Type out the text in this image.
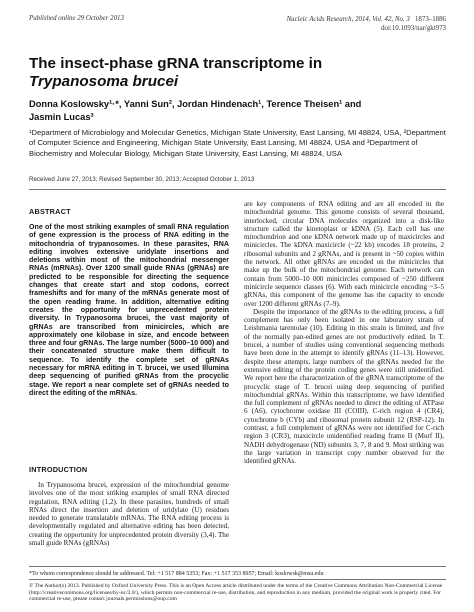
Published online 29 October 2013	Nucleic Acids Research, 2014, Vol. 42, No. 3 1873–1886
doi:10.1093/nar/gkt973
The insect-phase gRNA transcriptome in
Trypanosoma brucei
Donna Koslowsky¹·*, Yanni Sun², Jordan Hindenach¹, Terence Theisen¹ and
Jasmin Lucas³
¹Department of Microbiology and Molecular Genetics, Michigan State University, East Lansing, MI 48824, USA, ²Department of Computer Science and Engineering, Michigan State University, East Lansing, MI 48824, USA and ³Department of Biochemistry and Molecular Biology, Michigan State University, East Lansing, MI 48824, USA
Received June 27, 2013; Revised September 30, 2013; Accepted October 1, 2013
ABSTRACT
One of the most striking examples of small RNA regulation of gene expression is the process of RNA editing in the mitochondria of trypanosomes. In these parasites, RNA editing involves extensive uridylate insertions and deletions within most of the mitochondrial messenger RNAs (mRNAs). Over 1200 small guide RNAs (gRNAs) are predicted to be responsible for directing the sequence changes that create start and stop codons, correct frameshifts and for many of the mRNAs generate most of the open reading frame. In addition, alternative editing creates the opportunity for unprecedented protein diversity. In Trypanosoma brucei, the vast majority of gRNAs are transcribed from minicircles, which are approximately one kilobase in size, and encode between three and four gRNAs. The large number (5000–10 000) and their concatenated structure make them difficult to sequence. To identify the complete set of gRNAs necessary for mRNA editing in T. brucei, we used Illumina deep sequencing of purified gRNAs from the procyclic stage. We report a near complete set of gRNAs needed to direct the editing of the mRNAs.
INTRODUCTION
In Trypanosoma brucei, expression of the mitochondrial genome involves one of the most striking examples of small RNA directed regulation, RNA editing (1,2). In these parasites, hundreds of small RNAs direct the insertion and deletion of uridylate (U) residues needed to generate translatable mRNAs. The RNA editing process is developmentally regulated and alternative editing has been detected, creating the opportunity for unprecedented protein diversity (3,4). The small guide RNAs (gRNAs)
are key components of RNA editing and are all encoded in the mitochondrial genome. This genome consists of several thousand, interlocked, circular DNA molecules organized into a disk-like structure called the kinetoplast or kDNA (5). Each cell has one mitochondrion and one kDNA network made up of maxicircles and minicircles. The kDNA maxicircle (~22 kb) encodes 18 proteins, 2 ribosomal subunits and 2 gRNAs, and is present in ~50 copies within the network. All other gRNAs are encoded on the minicircles that make up the bulk of the mitochondrial genome. Each network can contain from 5000–10 000 minicircles composed of ~250 different minicircle sequence classes (6). With each minicircle encoding ~3–5 gRNAs, this component of the genome has the capacity to encode over 1200 different gRNAs (7–9).
Despite the importance of the gRNAs to the editing process, a full complement has only been isolated in one laboratory strain of Leishmania tarentolae (10). Editing in this strain is limited, and five of the normally pan-edited genes are not productively edited. In T. brucei, a number of studies using conventional sequencing methods have been done in the attempt to identify gRNAs (11–13). However, despite these attempts, large numbers of the gRNAs needed for the extensive editing of the protein coding genes were still unidentified. We report here the characterization of the gRNA transcriptome of the procyclic stage of T. brucei using deep sequencing of purified mitochondrial gRNAs. Within this transcriptome, we have identified the full complement of gRNAs needed to direct the editing of ATPase 6 (A6), cytochrome oxidase III (COIII), C-rich region 4 (CR4), cytochrome b (CYb) and ribosomal protein subunit 12 (RSP-12). In contrast, a full complement of gRNAs were not identified for C-rich region 3 (CR3), maxicircle unidentified reading frame II (Murf II), NADH dehydrogenase (ND) subunits 3, 7, 8 and 9. Most striking was the large variation in transcript copy number observed for the identified gRNAs.
*To whom correspondence should be addressed. Tel: +1 517 884 5353; Fax: +1 517 353 8957; Email: koslowsk@msu.edu
© The Author(s) 2013. Published by Oxford University Press. This is an Open Access article distributed under the terms of the Creative Commons Attribution Non-Commercial License (http://creativecommons.org/licenses/by-nc/3.0/), which permits non-commercial re-use, distribution, and reproduction in any medium, provided the original work is properly cited. For commercial re-use, please contact journals.permissions@oup.com
